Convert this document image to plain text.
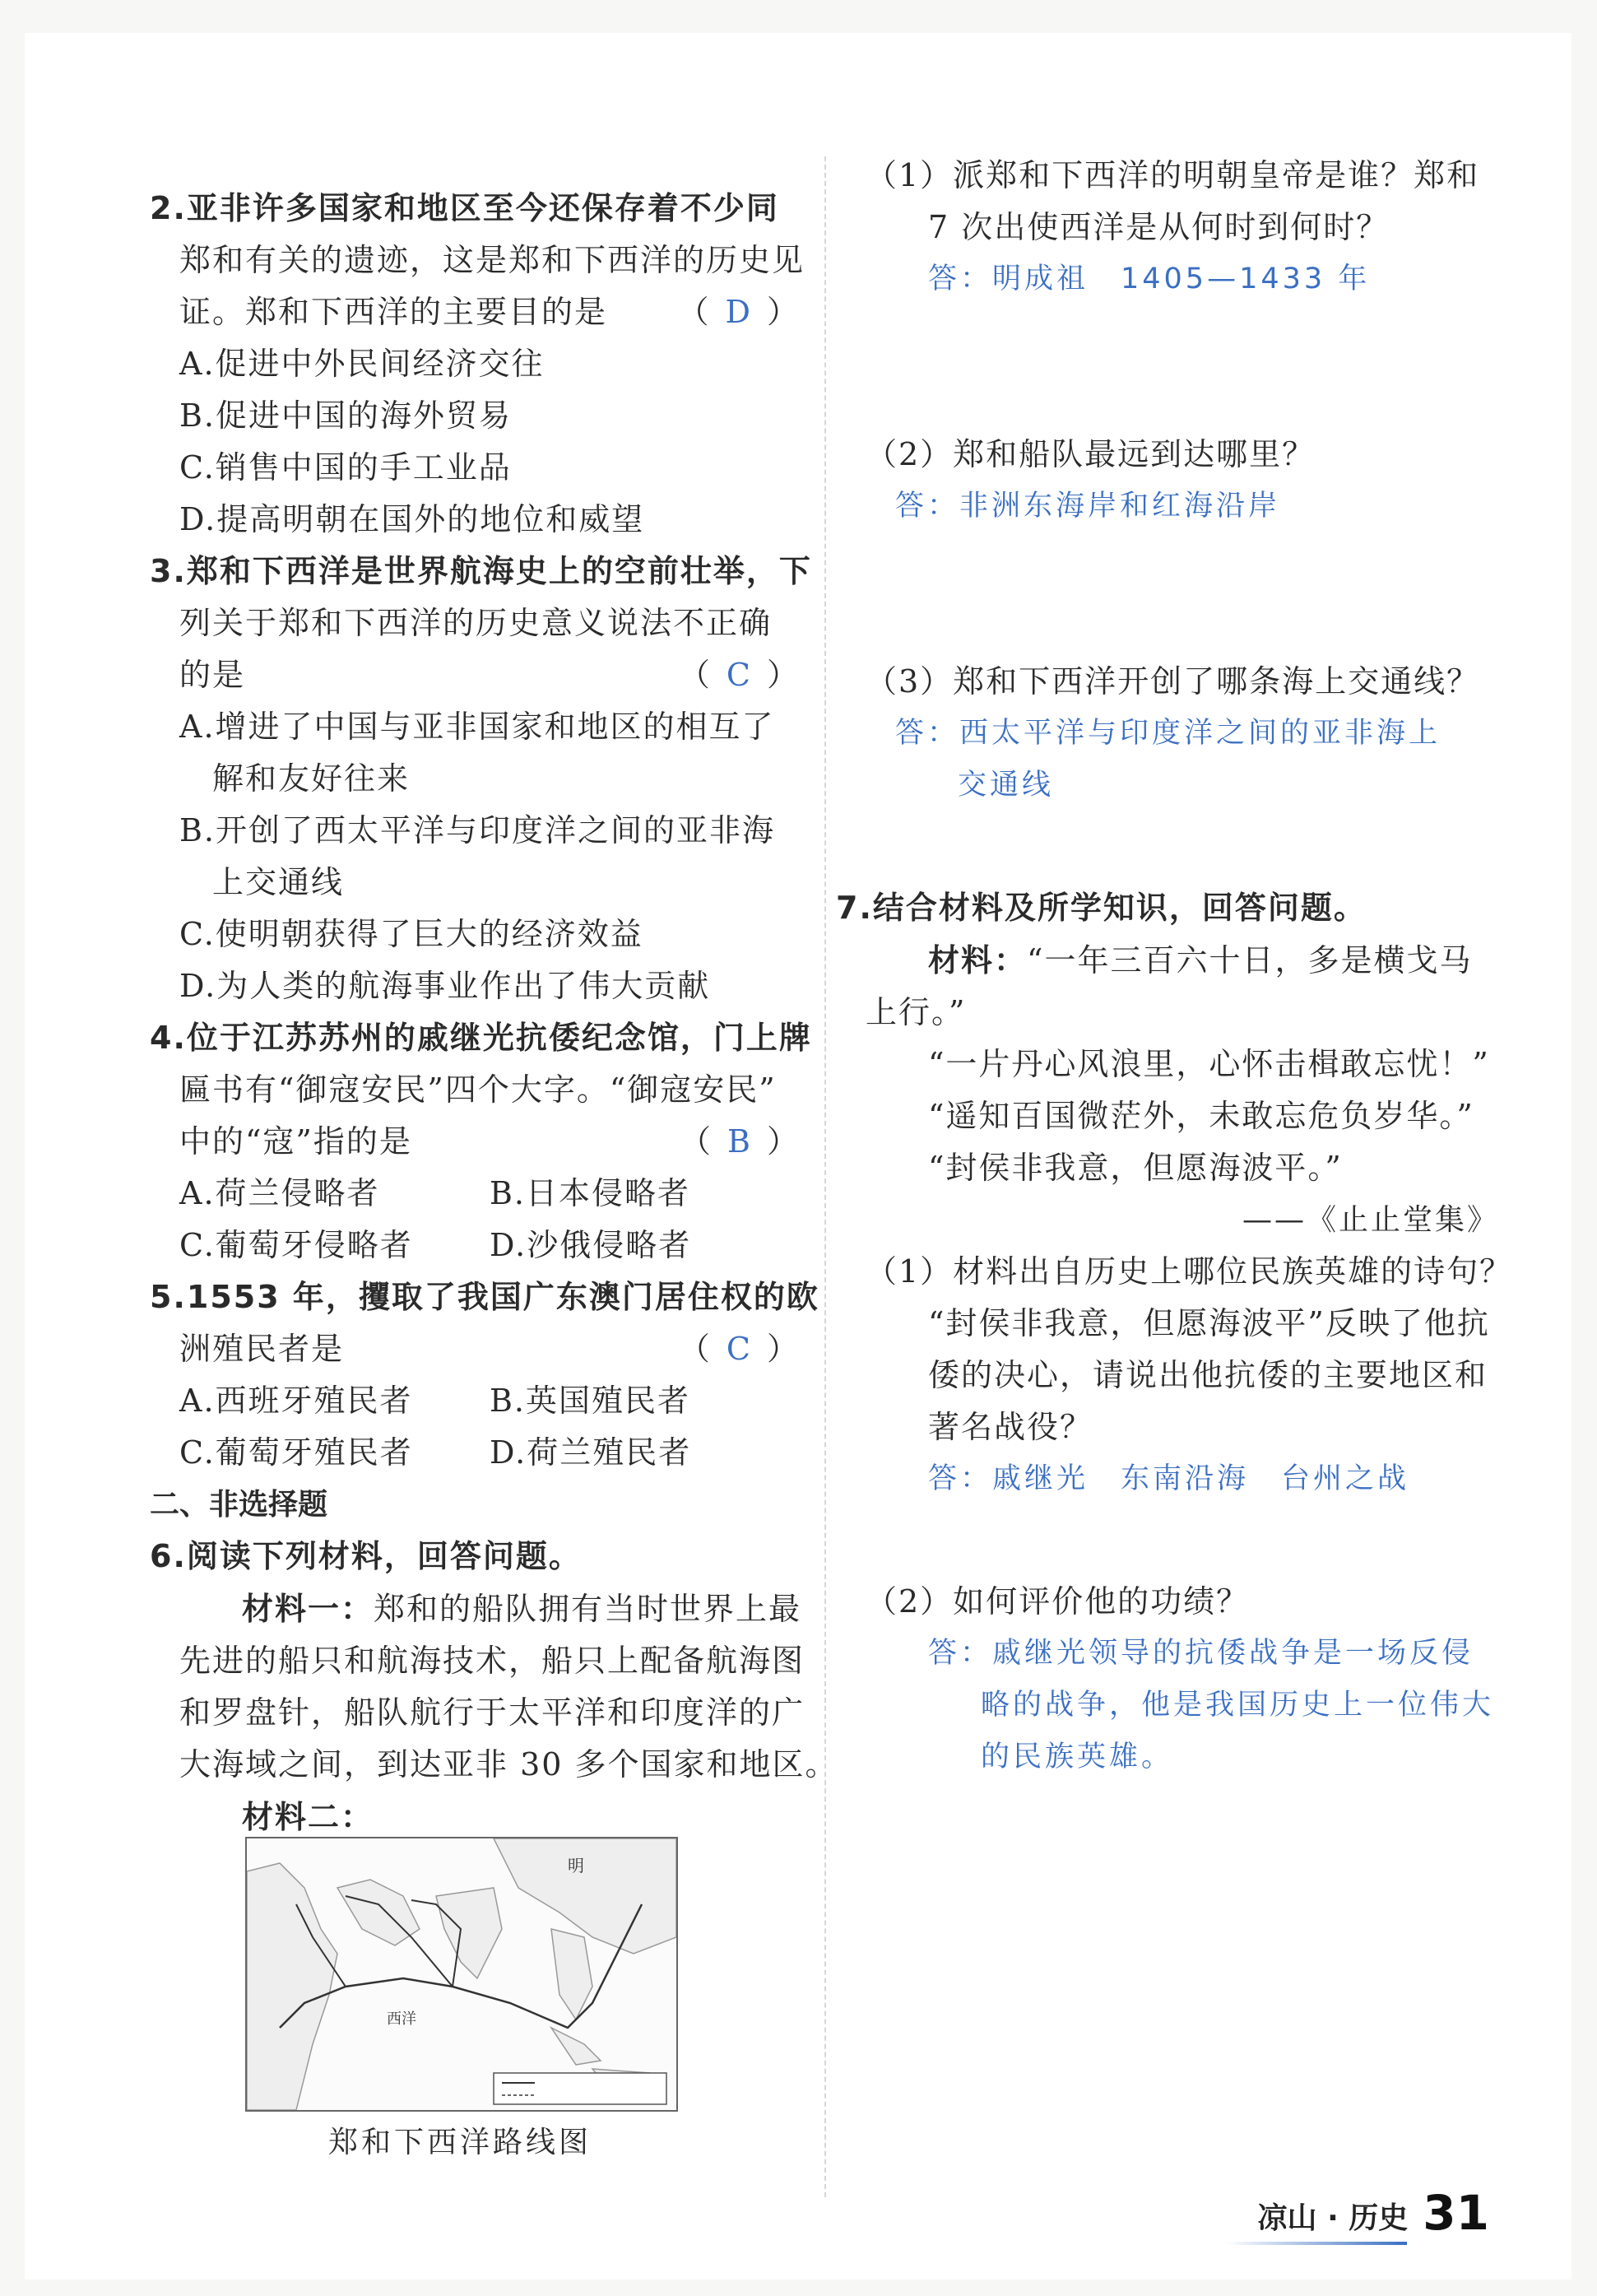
2.亚非许多国家和地区至今还保存着不少同
郑和有关的遗迹，这是郑和下西洋的历史见
证。郑和下西洋的主要目的是 （ D ）
A.促进中外民间经济交往
B.促进中国的海外贸易
C.销售中国的手工业品
D.提高明朝在国外的地位和威望
3.郑和下西洋是世界航海史上的空前壮举，下
列关于郑和下西洋的历史意义说法不正确
的是	（ C ）
A.增进了中国与亚非国家和地区的相互了
解和友好往来
B.开创了西太平洋与印度洋之间的亚非海
上交通线
C.使明朝获得了巨大的经济效益
D.为人类的航海事业作出了伟大贡献
4.位于江苏苏州的戚继光抗倭纪念馆，门上牌
匾书有“御寇安民”四个大字。“御寇安民”
中的“寇”指的是	（ B ）
A.荷兰侵略者	B.日本侵略者
C.葡萄牙侵略者	D.沙俄侵略者
5.1553 年，攫取了我国广东澳门居住权的欧
洲殖民者是	（ C ）
A.西班牙殖民者	B.英国殖民者
C.葡萄牙殖民者	D.荷兰殖民者
二、非选择题
6.阅读下列材料，回答问题。
材料一：郑和的船队拥有当时世界上最
先进的船只和航海技术，船只上配备航海图
和罗盘针，船队航行于太平洋和印度洋的广
大海域之间，到达亚非 30 多个国家和地区。
材料二：
明
西洋
郑和下西洋路线图
（1）派郑和下西洋的明朝皇帝是谁？郑和
7 次出使西洋是从何时到何时？
答：明成祖　1405—1433 年
（2）郑和船队最远到达哪里？
答：非洲东海岸和红海沿岸
（3）郑和下西洋开创了哪条海上交通线？
答：西太平洋与印度洋之间的亚非海上
交通线
7.结合材料及所学知识，回答问题。
材料：“一年三百六十日，多是横戈马
上行。”
“一片丹心风浪里，心怀击楫敢忘忧！”
“遥知百国微茫外，未敢忘危负岁华。”
“封侯非我意，但愿海波平。”
——《止止堂集》
（1）材料出自历史上哪位民族英雄的诗句？
“封侯非我意，但愿海波平”反映了他抗
倭的决心，请说出他抗倭的主要地区和
著名战役？
答：戚继光　东南沿海　台州之战
（2）如何评价他的功绩？
答：戚继光领导的抗倭战争是一场反侵
略的战争，他是我国历史上一位伟大
的民族英雄。
凉山 · 历史 31
